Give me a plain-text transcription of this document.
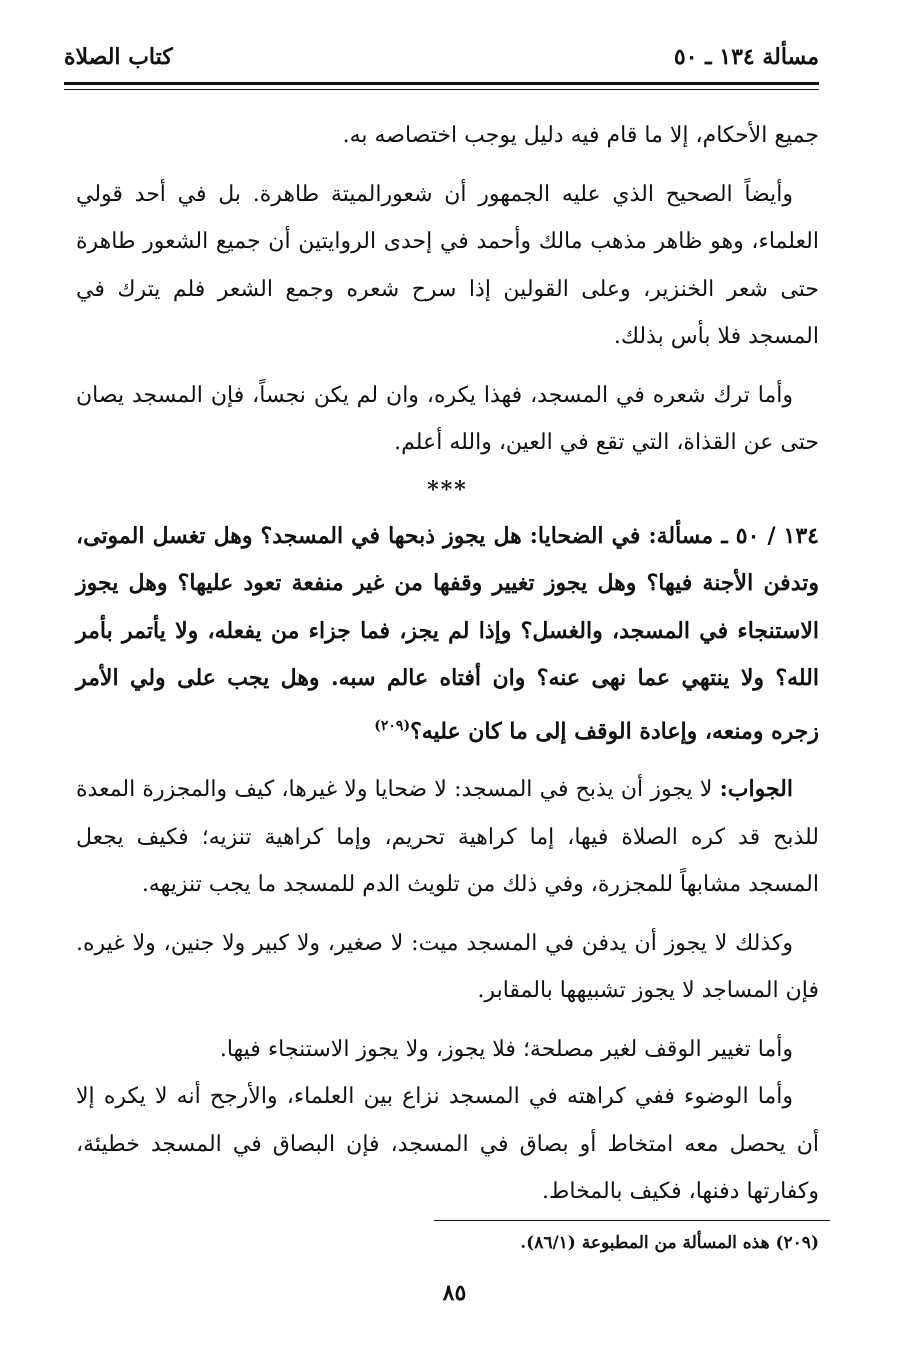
مسألة ١٣٤ ـ ٥٠
كتاب الصلاة

جميع الأحكام، إلا ما قام فيه دليل يوجب اختصاصه به.

وأيضاً الصحيح الذي عليه الجمهور أن شعورالميتة طاهرة. بل في أحد قولي العلماء، وهو ظاهر مذهب مالك وأحمد في إحدى الروايتين أن جميع الشعور طاهرة حتى شعر الخنزير، وعلى القولين إذا سرح شعره وجمع الشعر فلم يترك في المسجد فلا بأس بذلك.

وأما ترك شعره في المسجد، فهذا يكره، وان لم يكن نجساً، فإن المسجد يصان حتى عن القذاة، التي تقع في العين، والله أعلم.

***

١٣٤ / ٥٠ ـ مسألة: في الضحايا: هل يجوز ذبحها في المسجد؟ وهل تغسل الموتى، وتدفن الأجنة فيها؟ وهل يجوز تغيير وقفها من غير منفعة تعود عليها؟ وهل يجوز الاستنجاء في المسجد، والغسل؟ وإذا لم يجز، فما جزاء من يفعله، ولا يأتمر بأمر الله؟ ولا ينتهي عما نهى عنه؟ وان أفتاه عالم سبه. وهل يجب على ولي الأمر زجره ومنعه، وإعادة الوقف إلى ما كان عليه؟$^{(٢٠٩)}$

الجواب: لا يجوز أن يذبح في المسجد: لا ضحايا ولا غيرها، كيف والمجزرة المعدة للذبح قد كره الصلاة فيها، إما كراهية تحريم، وإما كراهية تنزيه؛ فكيف يجعل المسجد مشابهاً للمجزرة، وفي ذلك من تلويث الدم للمسجد ما يجب تنزيهه.

وكذلك لا يجوز أن يدفن في المسجد ميت: لا صغير، ولا كبير ولا جنين، ولا غيره. فإن المساجد لا يجوز تشبيهها بالمقابر.

وأما تغيير الوقف لغير مصلحة؛ فلا يجوز، ولا يجوز الاستنجاء فيها.

وأما الوضوء ففي كراهته في المسجد نزاع بين العلماء، والأرجح أنه لا يكره إلا أن يحصل معه امتخاط أو بصاق في المسجد، فإن البصاق في المسجد خطيئة، وكفارتها دفنها، فكيف بالمخاط.

(٢٠٩) هذه المسألة من المطبوعة (٨٦/١).
٨٥
